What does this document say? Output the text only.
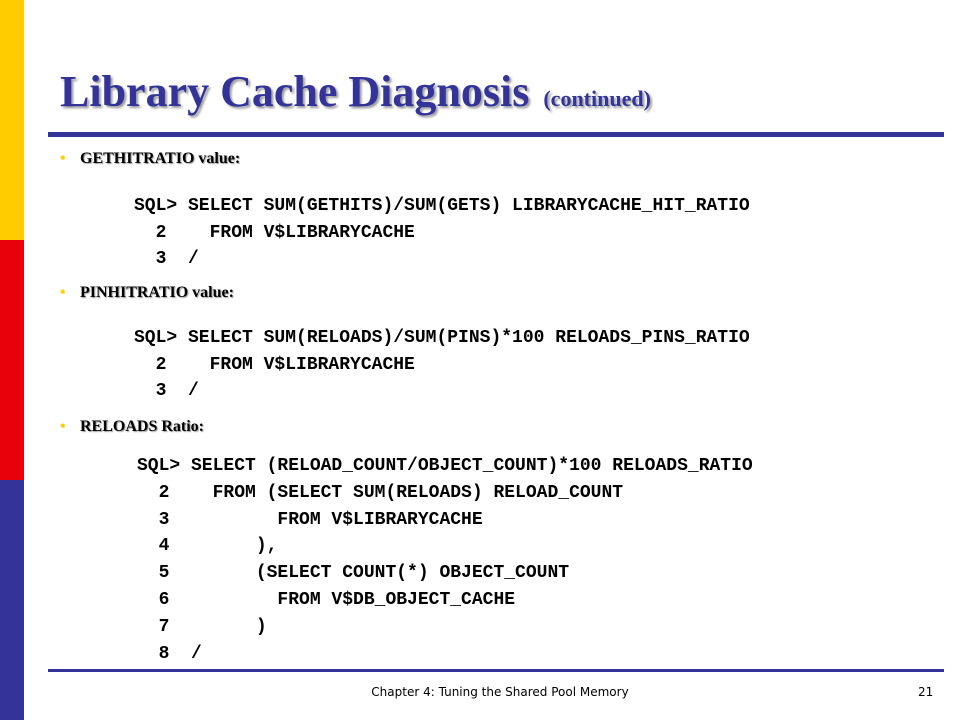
Library Cache Diagnosis (continued)
• GETHITRATIO value:
SQL> SELECT SUM(GETHITS)/SUM(GETS) LIBRARYCACHE_HIT_RATIO
2    FROM V$LIBRARYCACHE
3  /
• PINHITRATIO value:
SQL> SELECT SUM(RELOADS)/SUM(PINS)*100 RELOADS_PINS_RATIO
2    FROM V$LIBRARYCACHE
3  /
• RELOADS Ratio:
SQL> SELECT (RELOAD_COUNT/OBJECT_COUNT)*100 RELOADS_RATIO
2    FROM (SELECT SUM(RELOADS) RELOAD_COUNT
3          FROM V$LIBRARYCACHE
4        ),
5        (SELECT COUNT(*) OBJECT_COUNT
6          FROM V$DB_OBJECT_CACHE
7        )
8  /
Chapter 4: Tuning the Shared Pool Memory	21
